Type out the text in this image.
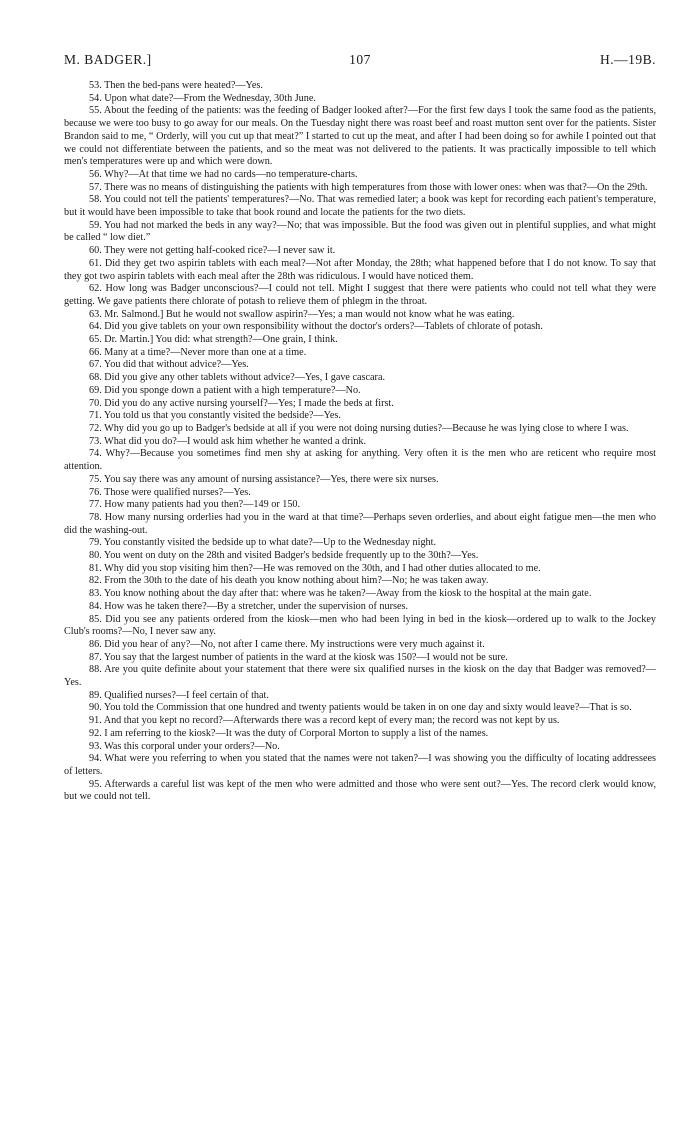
M. BADGER.]	107	H.—19B.

53. Then the bed-pans were heated?—Yes.

54. Upon what date?—From the Wednesday, 30th June.

55. About the feeding of the patients: was the feeding of Badger looked after?—For the first few days I took the same food as the patients, because we were too busy to go away for our meals. On the Tuesday night there was roast beef and roast mutton sent over for the patients. Sister Brandon said to me, “ Orderly, will you cut up that meat?” I started to cut up the meat, and after I had been doing so for awhile I pointed out that we could not differentiate between the patients, and so the meat was not delivered to the patients. It was practically impossible to tell which men's temperatures were up and which were down.

56. Why?—At that time we had no cards—no temperature-charts.

57. There was no means of distinguishing the patients with high temperatures from those with lower ones: when was that?—On the 29th.

58. You could not tell the patients' temperatures?—No. That was remedied later; a book was kept for recording each patient's temperature, but it would have been impossible to take that book round and locate the patients for the two diets.

59. You had not marked the beds in any way?—No; that was impossible. But the food was given out in plentiful supplies, and what might be called “ low diet.”

60. They were not getting half-cooked rice?—I never saw it.

61. Did they get two aspirin tablets with each meal?—Not after Monday, the 28th; what happened before that I do not know. To say that they got two aspirin tablets with each meal after the 28th was ridiculous. I would have noticed them.

62. How long was Badger unconscious?—I could not tell. Might I suggest that there were patients who could not tell what they were getting. We gave patients there chlorate of potash to relieve them of phlegm in the throat.

63. Mr. Salmond.] But he would not swallow aspirin?—Yes; a man would not know what he was eating.

64. Did you give tablets on your own responsibility without the doctor's orders?—Tablets of chlorate of potash.

65. Dr. Martin.] You did: what strength?—One grain, I think.

66. Many at a time?—Never more than one at a time.

67. You did that without advice?—Yes.

68. Did you give any other tablets without advice?—Yes, I gave cascara.

69. Did you sponge down a patient with a high temperature?—No.

70. Did you do any active nursing yourself?—Yes; I made the beds at first.

71. You told us that you constantly visited the bedside?—Yes.

72. Why did you go up to Badger's bedside at all if you were not doing nursing duties?—Because he was lying close to where I was.

73. What did you do?—I would ask him whether he wanted a drink.

74. Why?—Because you sometimes find men shy at asking for anything. Very often it is the men who are reticent who require most attention.

75. You say there was any amount of nursing assistance?—Yes, there were six nurses.

76. Those were qualified nurses?—Yes.

77. How many patients had you then?—149 or 150.

78. How many nursing orderlies had you in the ward at that time?—Perhaps seven orderlies, and about eight fatigue men—the men who did the washing-out.

79. You constantly visited the bedside up to what date?—Up to the Wednesday night.

80. You went on duty on the 28th and visited Badger's bedside frequently up to the 30th?—Yes.

81. Why did you stop visiting him then?—He was removed on the 30th, and I had other duties allocated to me.

82. From the 30th to the date of his death you know nothing about him?—No; he was taken away.

83. You know nothing about the day after that: where was he taken?—Away from the kiosk to the hospital at the main gate.

84. How was he taken there?—By a stretcher, under the supervision of nurses.

85. Did you see any patients ordered from the kiosk—men who had been lying in bed in the kiosk—ordered up to walk to the Jockey Club's rooms?—No, I never saw any.

86. Did you hear of any?—No, not after I came there. My instructions were very much against it.

87. You say that the largest number of patients in the ward at the kiosk was 150?—I would not be sure.

88. Are you quite definite about your statement that there were six qualified nurses in the kiosk on the day that Badger was removed?—Yes.

89. Qualified nurses?—I feel certain of that.

90. You told the Commission that one hundred and twenty patients would be taken in on one day and sixty would leave?—That is so.

91. And that you kept no record?—Afterwards there was a record kept of every man; the record was not kept by us.

92. I am referring to the kiosk?—It was the duty of Corporal Morton to supply a list of the names.

93. Was this corporal under your orders?—No.

94. What were you referring to when you stated that the names were not taken?—I was showing you the difficulty of locating addressees of letters.

95. Afterwards a careful list was kept of the men who were admitted and those who were sent out?—Yes. The record clerk would know, but we could not tell.
